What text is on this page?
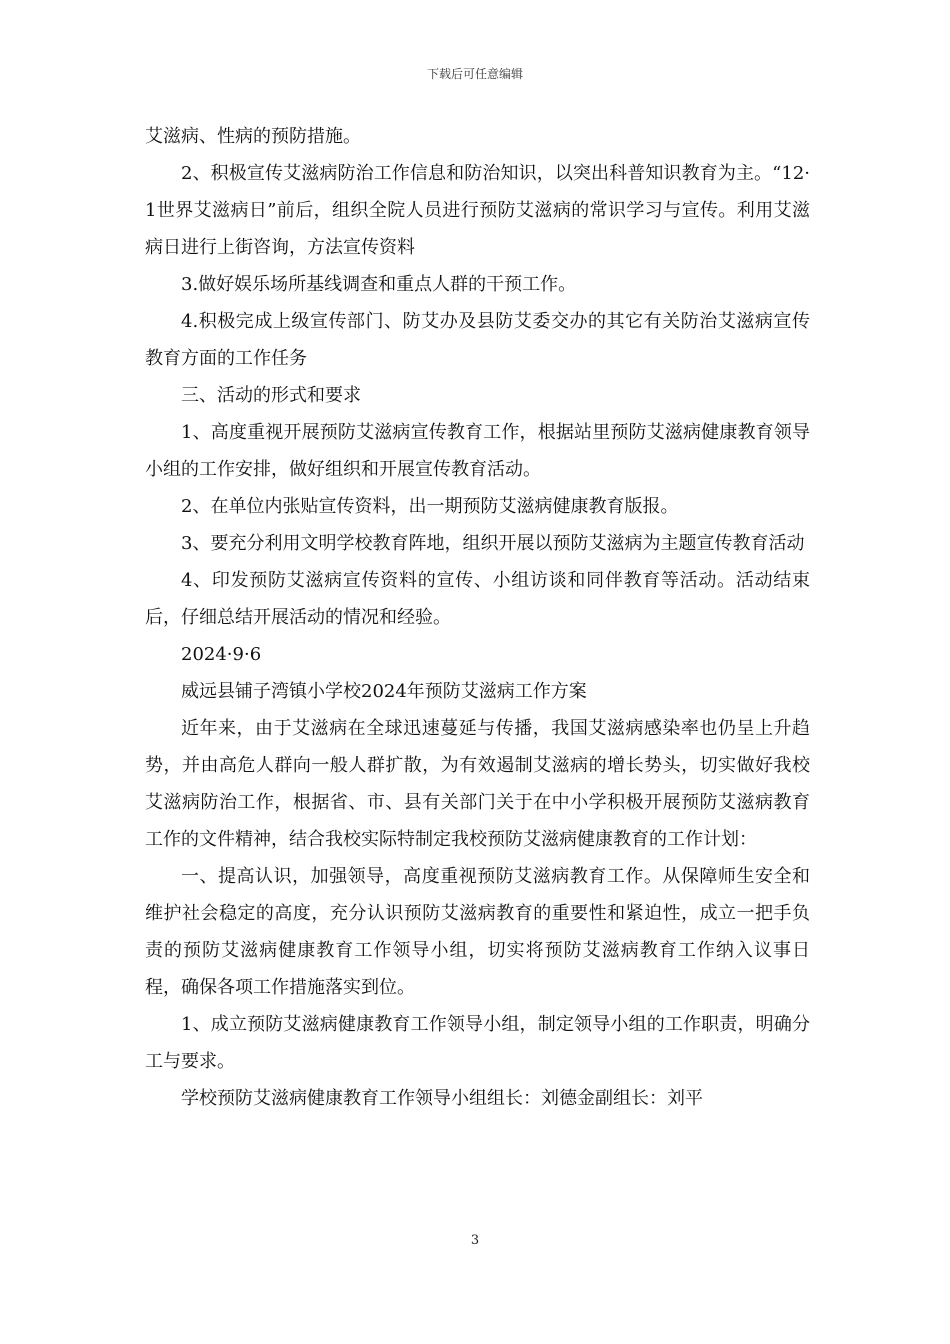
下载后可任意编辑

艾滋病、性病的预防措施。

2、积极宣传艾滋病防治工作信息和防治知识，以突出科普知识教育为主。“12·1世界艾滋病日”前后，组织全院人员进行预防艾滋病的常识学习与宣传。利用艾滋病日进行上街咨询，方法宣传资料

3.做好娱乐场所基线调查和重点人群的干预工作。

4.积极完成上级宣传部门、防艾办及县防艾委交办的其它有关防治艾滋病宣传教育方面的工作任务

三、活动的形式和要求

1、高度重视开展预防艾滋病宣传教育工作，根据站里预防艾滋病健康教育领导小组的工作安排，做好组织和开展宣传教育活动。

2、在单位内张贴宣传资料，出一期预防艾滋病健康教育版报。

3、要充分利用文明学校教育阵地，组织开展以预防艾滋病为主题宣传教育活动

4、印发预防艾滋病宣传资料的宣传、小组访谈和同伴教育等活动。活动结束后，仔细总结开展活动的情况和经验。

2024·9·6

威远县铺子湾镇小学校2024年预防艾滋病工作方案

近年来，由于艾滋病在全球迅速蔓延与传播，我国艾滋病感染率也仍呈上升趋势，并由高危人群向一般人群扩散，为有效遏制艾滋病的增长势头，切实做好我校艾滋病防治工作，根据省、市、县有关部门关于在中小学积极开展预防艾滋病教育工作的文件精神，结合我校实际特制定我校预防艾滋病健康教育的工作计划：

一、提高认识，加强领导，高度重视预防艾滋病教育工作。从保障师生安全和维护社会稳定的高度，充分认识预防艾滋病教育的重要性和紧迫性，成立一把手负责的预防艾滋病健康教育工作领导小组，切实将预防艾滋病教育工作纳入议事日程，确保各项工作措施落实到位。

1、成立预防艾滋病健康教育工作领导小组，制定领导小组的工作职责，明确分工与要求。

学校预防艾滋病健康教育工作领导小组组长：刘德金副组长：刘平

3
